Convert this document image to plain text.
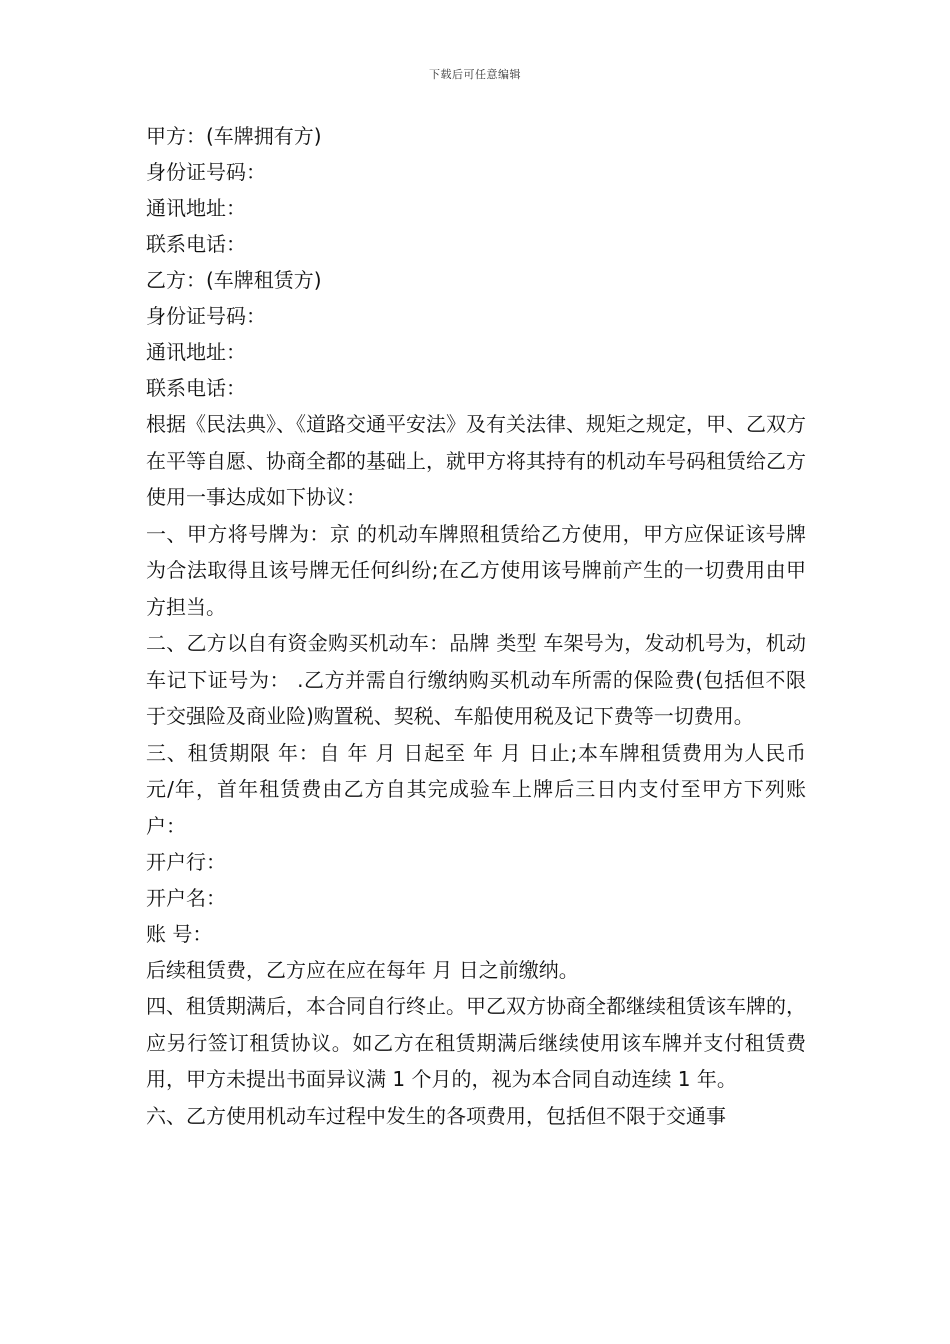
下载后可任意编辑
甲方：(车牌拥有方)
身份证号码：
通讯地址：
联系电话：
乙方：(车牌租赁方)
身份证号码：
通讯地址：
联系电话：
根据《民法典》、《道路交通平安法》及有关法律、规矩之规定，甲、乙双方在平等自愿、协商全都的基础上，就甲方将其持有的机动车号码租赁给乙方使用一事达成如下协议：
一、甲方将号牌为：京 的机动车牌照租赁给乙方使用，甲方应保证该号牌为合法取得且该号牌无任何纠纷;在乙方使用该号牌前产生的一切费用由甲方担当。
二、乙方以自有资金购买机动车：品牌 类型 车架号为，发动机号为，机动车记下证号为： .乙方并需自行缴纳购买机动车所需的保险费(包括但不限于交强险及商业险)购置税、契税、车船使用税及记下费等一切费用。
三、租赁期限 年：自 年 月 日起至 年 月 日止;本车牌租赁费用为人民币 元/年，首年租赁费由乙方自其完成验车上牌后三日内支付至甲方下列账户：
开户行：
开户名：
账 号：
后续租赁费，乙方应在应在每年 月 日之前缴纳。
四、租赁期满后，本合同自行终止。甲乙双方协商全都继续租赁该车牌的，应另行签订租赁协议。如乙方在租赁期满后继续使用该车牌并支付租赁费用，甲方未提出书面异议满 1 个月的，视为本合同自动连续 1 年。
六、乙方使用机动车过程中发生的各项费用，包括但不限于交通事
